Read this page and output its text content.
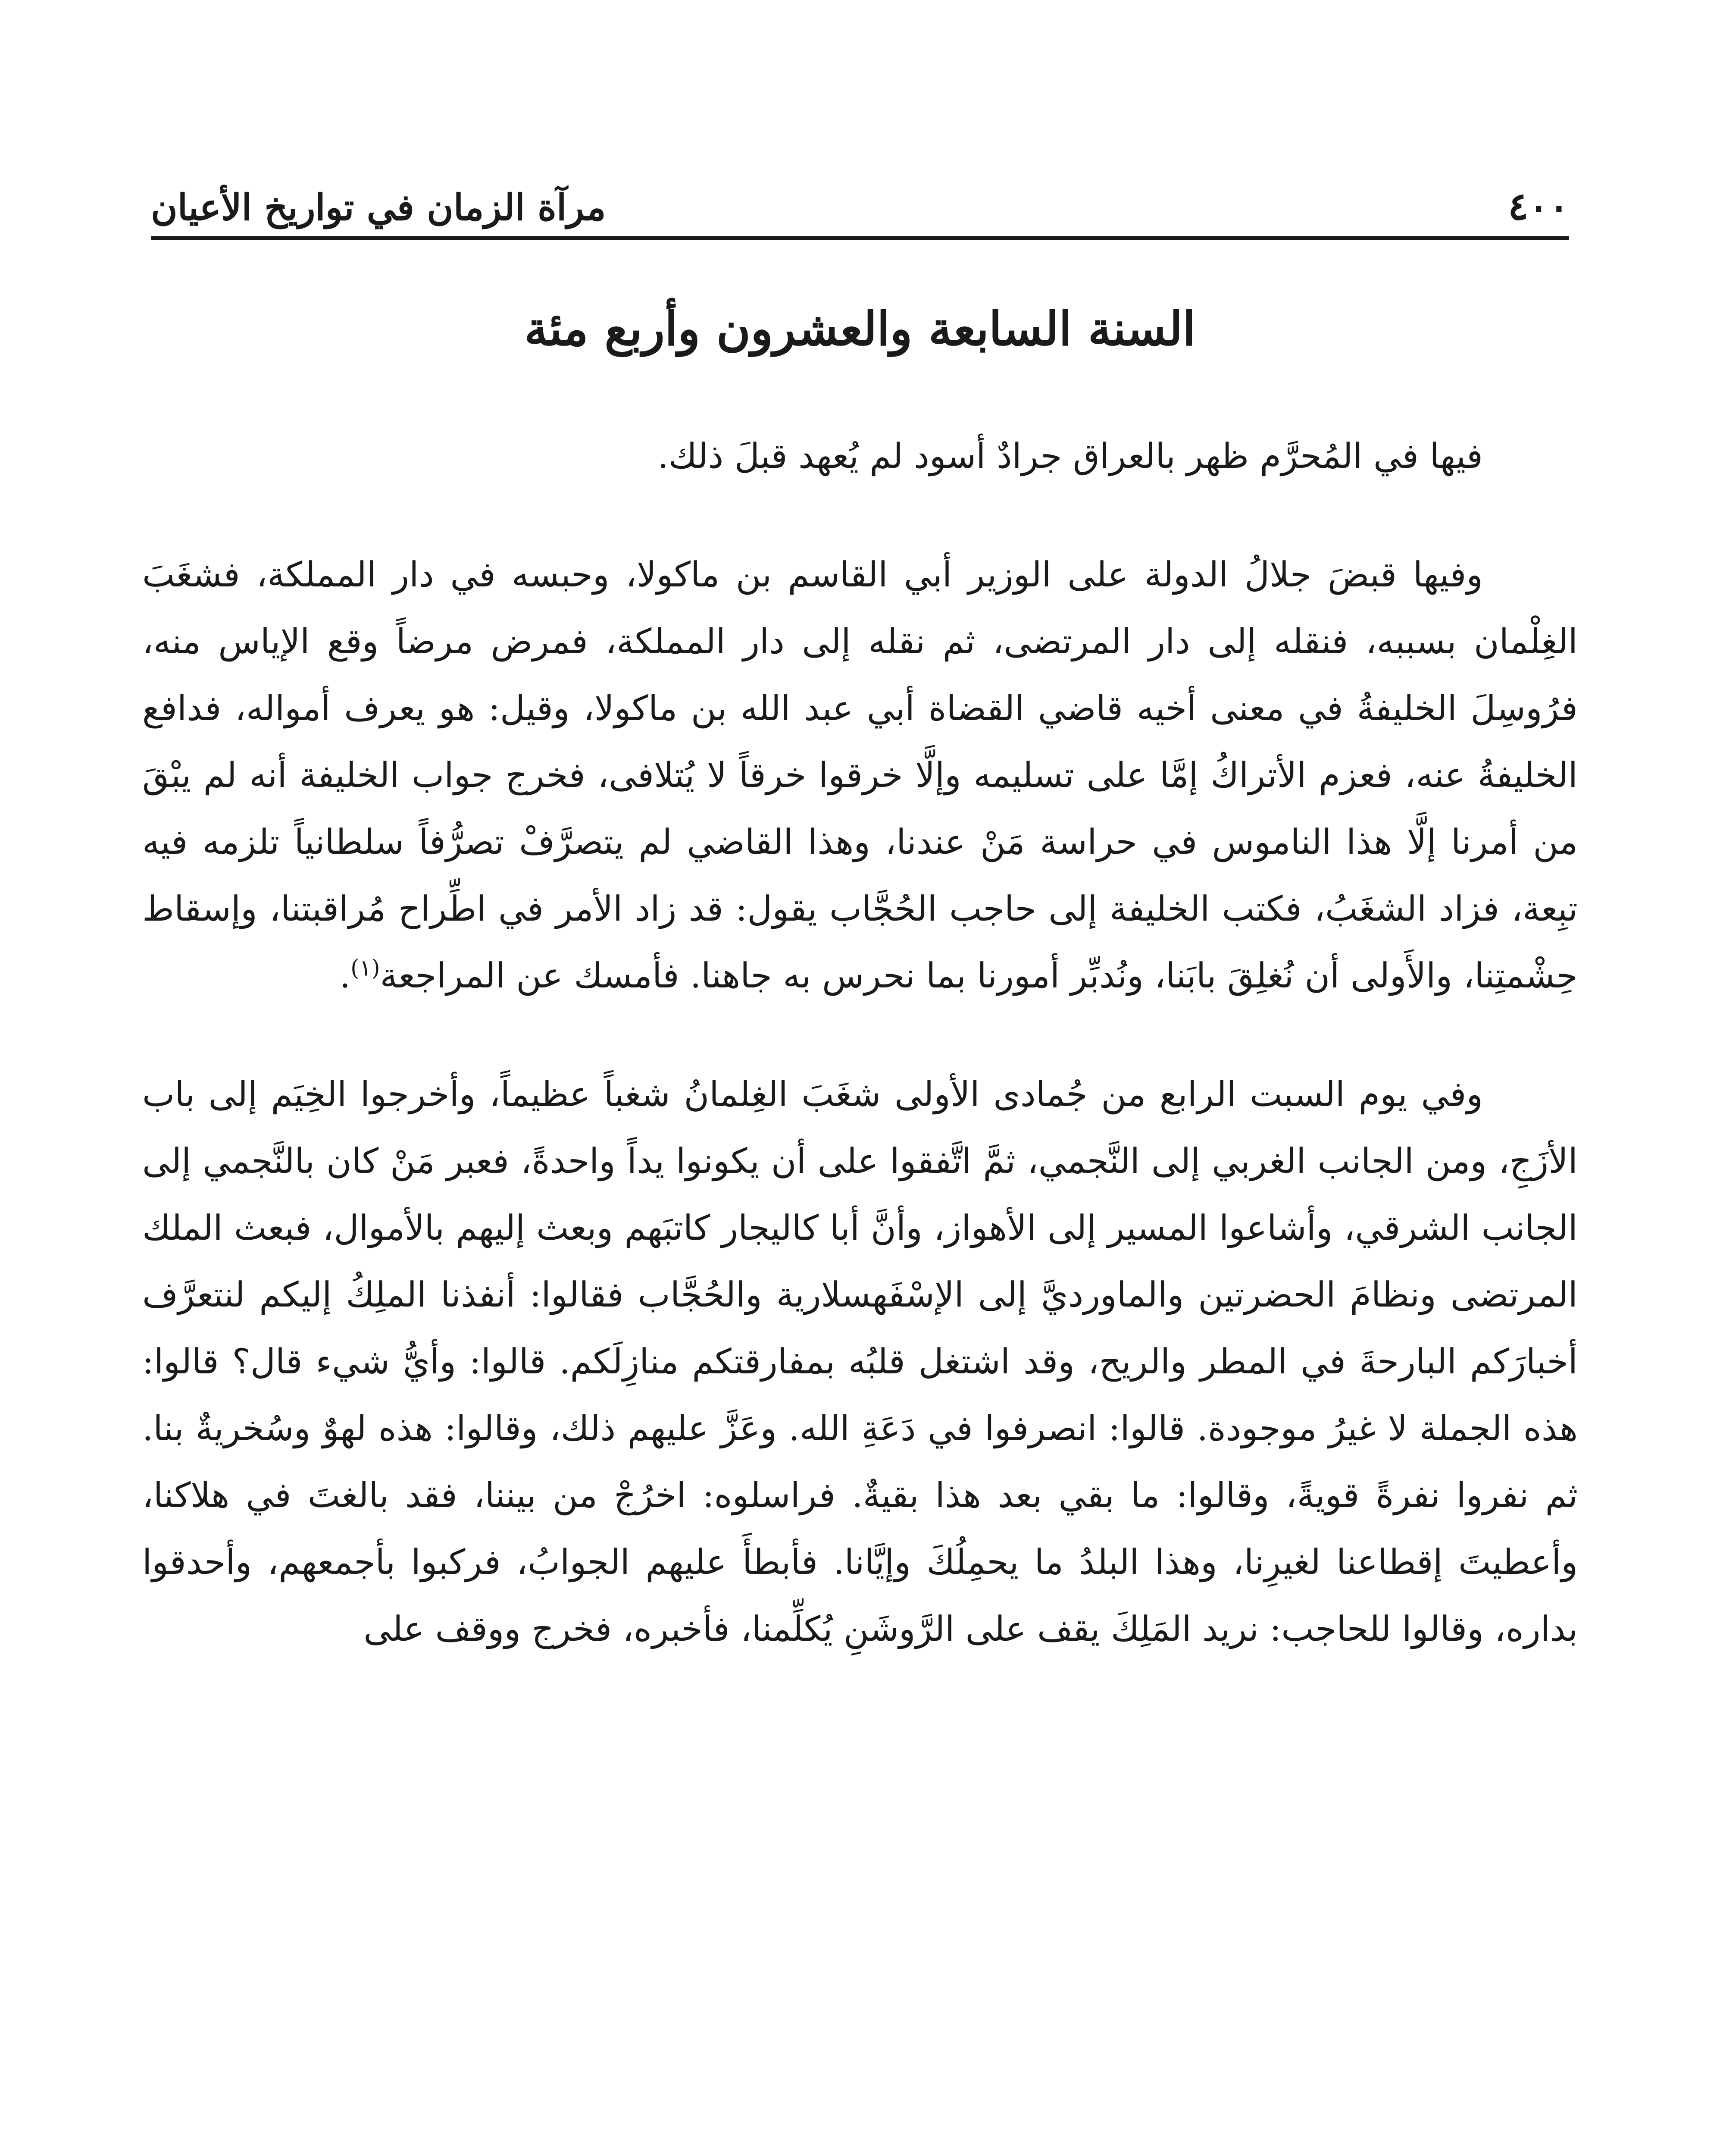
٤٠٠
مرآة الزمان في تواريخ الأعيان
السنة السابعة والعشرون وأربع مئة

فيها في المُحرَّم ظهر بالعراق جرادٌ أسود لم يُعهد قبلَ ذلك.

وفيها قبضَ جلالُ الدولة على الوزير أبي القاسم بن ماكولا، وحبسه في دار المملكة، فشغَبَ الغِلْمان بسببه، فنقله إلى دار المرتضى، ثم نقله إلى دار المملكة، فمرض مرضاً وقع الإياس منه، فرُوسِلَ الخليفةُ في معنى أخيه قاضي القضاة أبي عبد الله بن ماكولا، وقيل: هو يعرف أمواله، فدافع الخليفةُ عنه، فعزم الأتراكُ إمَّا على تسليمه وإلَّا خرقوا خرقاً لا يُتلافى، فخرج جواب الخليفة أنه لم يبْقَ من أمرنا إلَّا هذا الناموس في حراسة مَنْ عندنا، وهذا القاضي لم يتصرَّفْ تصرُّفاً سلطانياً تلزمه فيه تبِعة، فزاد الشغَبُ، فكتب الخليفة إلى حاجب الحُجَّاب يقول: قد زاد الأمر في اطِّراح مُراقبتنا، وإسقاط حِشْمتِنا، والأَولى أن نُغلِقَ بابَنا، ونُدبِّر أمورنا بما نحرس به جاهنا. فأمسك عن المراجعة$^{(١)}$.

وفي يوم السبت الرابع من جُمادى الأولى شغَبَ الغِلمانُ شغباً عظيماً، وأخرجوا الخِيَم إلى باب الأزَجِ، ومن الجانب الغربي إلى النَّجمي، ثمَّ اتَّفقوا على أن يكونوا يداً واحدةً، فعبر مَنْ كان بالنَّجمي إلى الجانب الشرقي، وأشاعوا المسير إلى الأهواز، وأنَّ أبا كاليجار كاتبَهم وبعث إليهم بالأموال، فبعث الملك المرتضى ونظامَ الحضرتين والماورديَّ إلى الإسْفَهسلارية والحُجَّاب فقالوا: أنفذنا الملِكُ إليكم لنتعرَّف أخبارَكم البارحةَ في المطر والريح، وقد اشتغل قلبُه بمفارقتكم منازِلَكم. قالوا: وأيُّ شيء قال؟ قالوا: هذه الجملة لا غيرُ موجودة. قالوا: انصرفوا في دَعَةِ الله. وعَزَّ عليهم ذلك، وقالوا: هذه لهوٌ وسُخريةٌ بنا. ثم نفروا نفرةً قويةً، وقالوا: ما بقي بعد هذا بقيةٌ. فراسلوه: اخرُجْ من بيننا، فقد بالغتَ في هلاكنا، وأعطيتَ إقطاعنا لغيرِنا، وهذا البلدُ ما يحمِلُكَ وإيَّانا. فأبطأَ عليهم الجوابُ، فركبوا بأجمعهم، وأحدقوا بداره، وقالوا للحاجب: نريد المَلِكَ يقف على الرَّوشَنِ يُكلِّمنا، فأخبره، فخرج ووقف على
